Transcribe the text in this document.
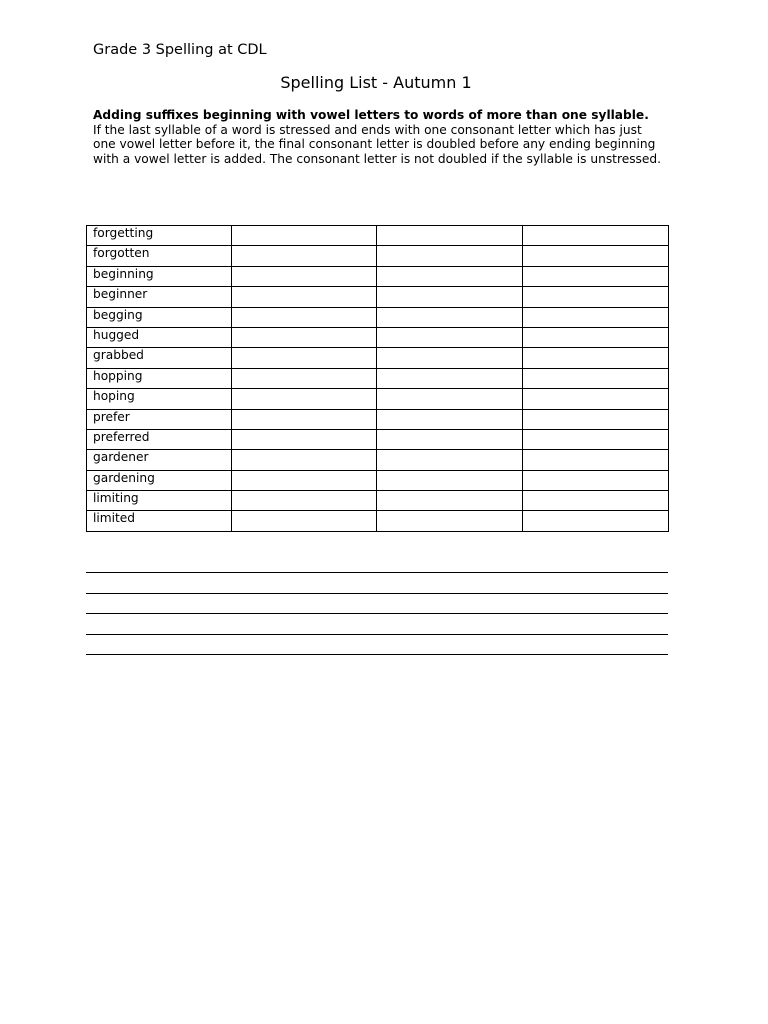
Grade 3 Spelling at CDL
Spelling List - Autumn 1

Adding suffixes beginning with vowel letters to words of more than one syllable.

If the last syllable of a word is stressed and ends with one consonant letter which has just one vowel letter before it, the final consonant letter is doubled before any ending beginning with a vowel letter is added. The consonant letter is not doubled if the syllable is unstressed.

forgetting			
forgotten			
beginning			
beginner			
begging			
hugged			
grabbed			
hopping			
hoping			
prefer			
preferred			
gardener			
gardening			
limiting			
limited			
